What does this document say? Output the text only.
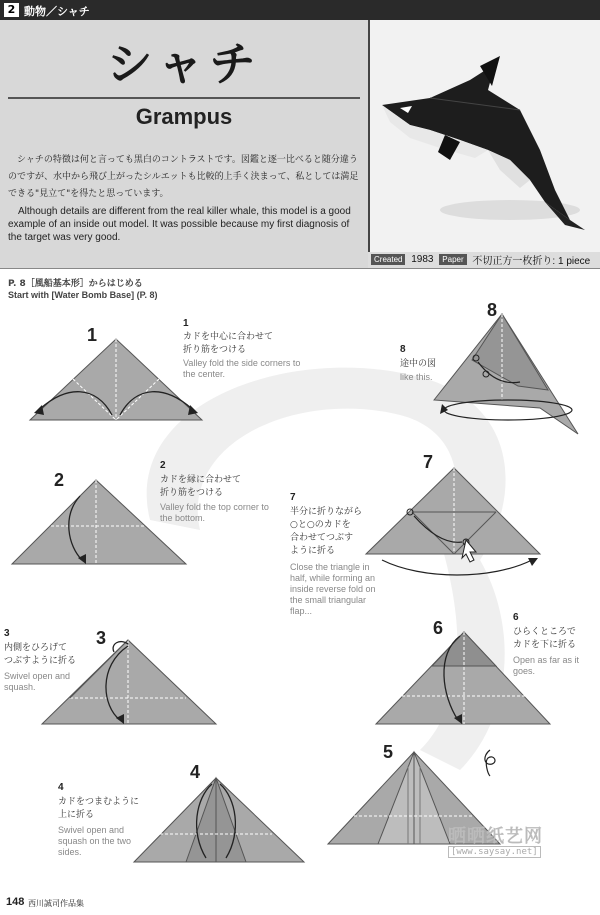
2 動物／シャチ
シャチ
Grampus
シャチの特徴は何と言っても黒白のコントラストです。図鑑と逐一比べると随分違うのですが、水中から飛び上がったシルエットも比較的上手く決まって、私としては満足できる"見立て"を得たと思っています。
Although details are different from the real killer whale, this model is a good example of an inside out model. It was possible because my first diagnosis of the target was very good.
Created 1983 Paper 不切正方一枚折り: 1 piece
P. 8［風船基本形］からはじめる
Start with [Water Bomb Base] (P. 8)
1
1
カドを中心に合わせて
折り筋をつける
Valley fold the side corners to the center.
2
2
カドを縁に合わせて
折り筋をつける
Valley fold the top corner to the bottom.
3
内側をひろげて
つぶすように折る
Swivel open and squash.
3
4
カドをつまむように
上に折る
Swivel open and squash on the two sides.
4
5
6
6
ひらくところで
カドを下に折る
Open as far as it goes.
7
半分に折りながら
○と○のカドを
合わせてつぶす
ように折る
Close the triangle in half, while forming an inside reverse fold on the small triangular flap...
7
8
8
途中の図
like this.
晒晒纸艺网
[www.saysay.net]
148 西川誠司作品集
